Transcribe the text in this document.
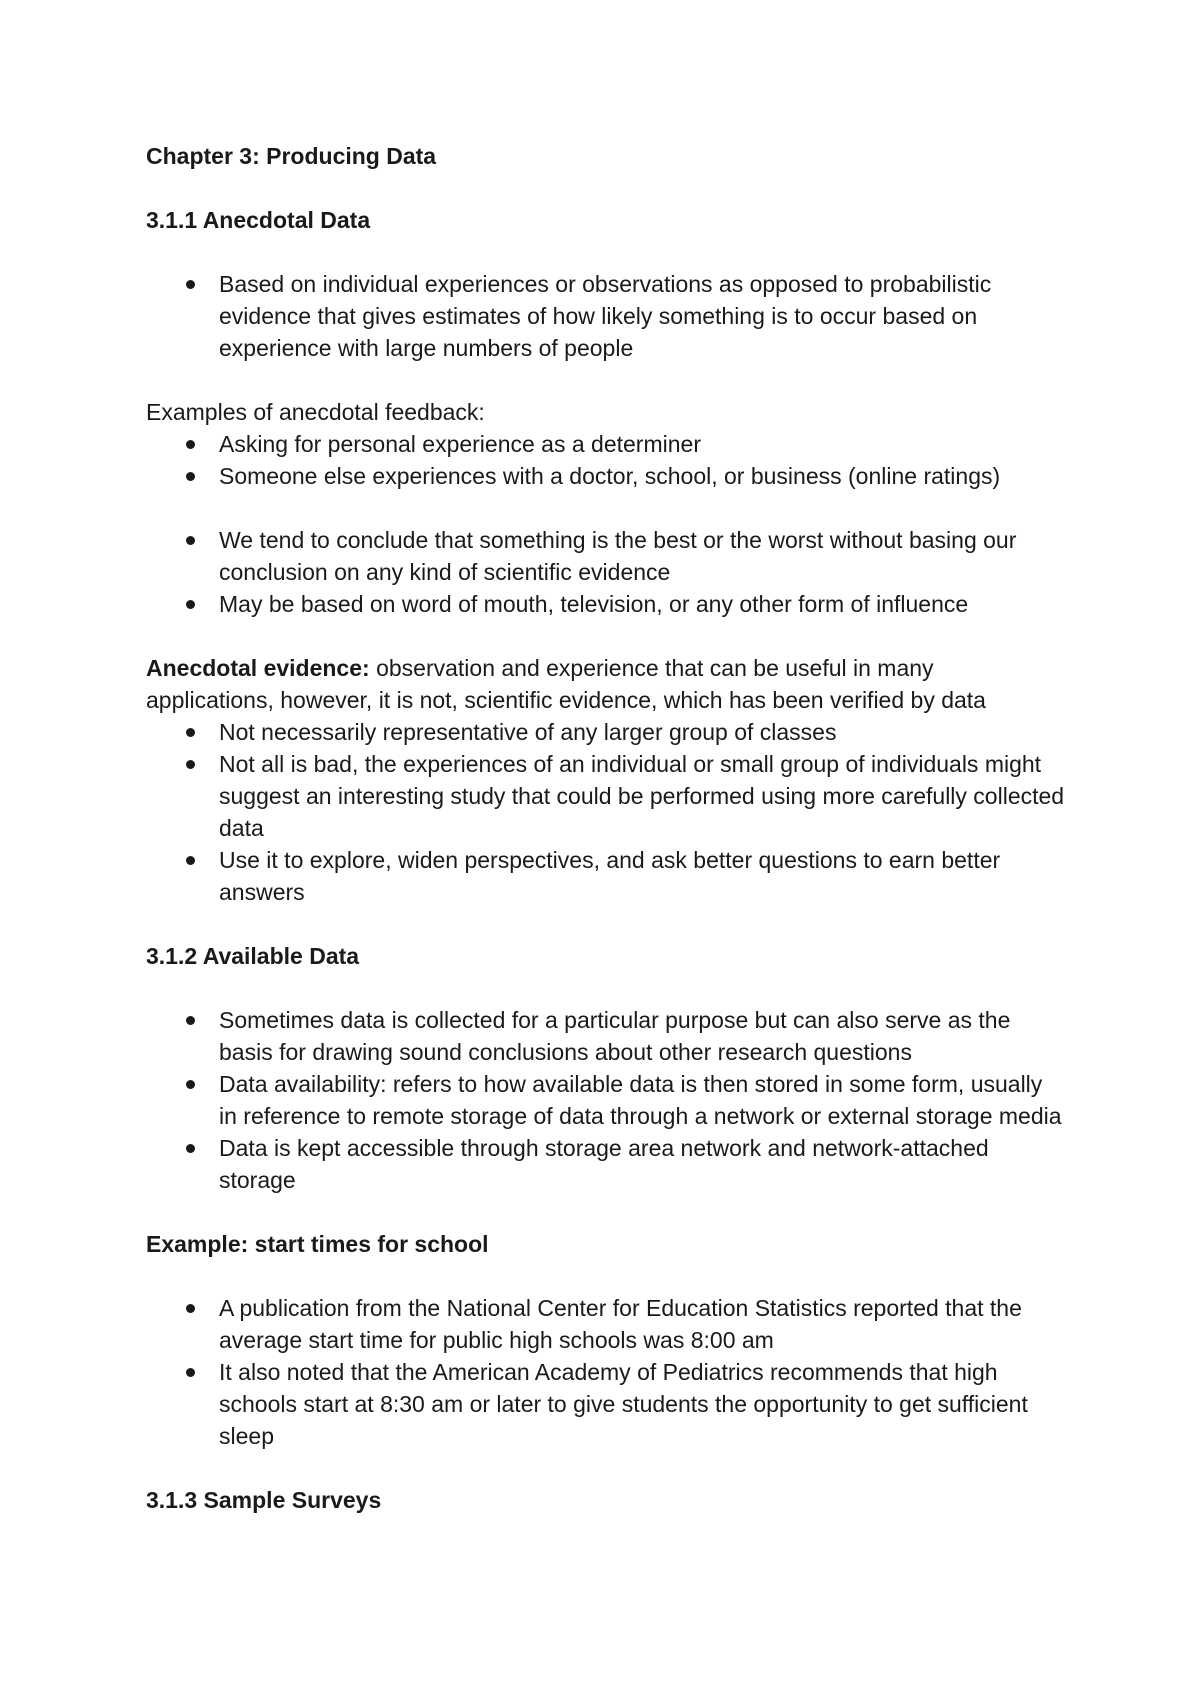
Chapter 3: Producing Data

3.1.1 Anecdotal Data

Based on individual experiences or observations as opposed to probabilistic evidence that gives estimates of how likely something is to occur based on experience with large numbers of people

Examples of anecdotal feedback:

Asking for personal experience as a determiner
Someone else experiences with a doctor, school, or business (online ratings)
We tend to conclude that something is the best or the worst without basing our conclusion on any kind of scientific evidence
May be based on word of mouth, television, or any other form of influence

Anecdotal evidence: observation and experience that can be useful in many applications, however, it is not, scientific evidence, which has been verified by data

Not necessarily representative of any larger group of classes
Not all is bad, the experiences of an individual or small group of individuals might suggest an interesting study that could be performed using more carefully collected data
Use it to explore, widen perspectives, and ask better questions to earn better answers

3.1.2 Available Data

Sometimes data is collected for a particular purpose but can also serve as the basis for drawing sound conclusions about other research questions
Data availability: refers to how available data is then stored in some form, usually in reference to remote storage of data through a network or external storage media
Data is kept accessible through storage area network and network-attached storage

Example: start times for school

A publication from the National Center for Education Statistics reported that the average start time for public high schools was 8:00 am
It also noted that the American Academy of Pediatrics recommends that high schools start at 8:30 am or later to give students the opportunity to get sufficient sleep

3.1.3 Sample Surveys
